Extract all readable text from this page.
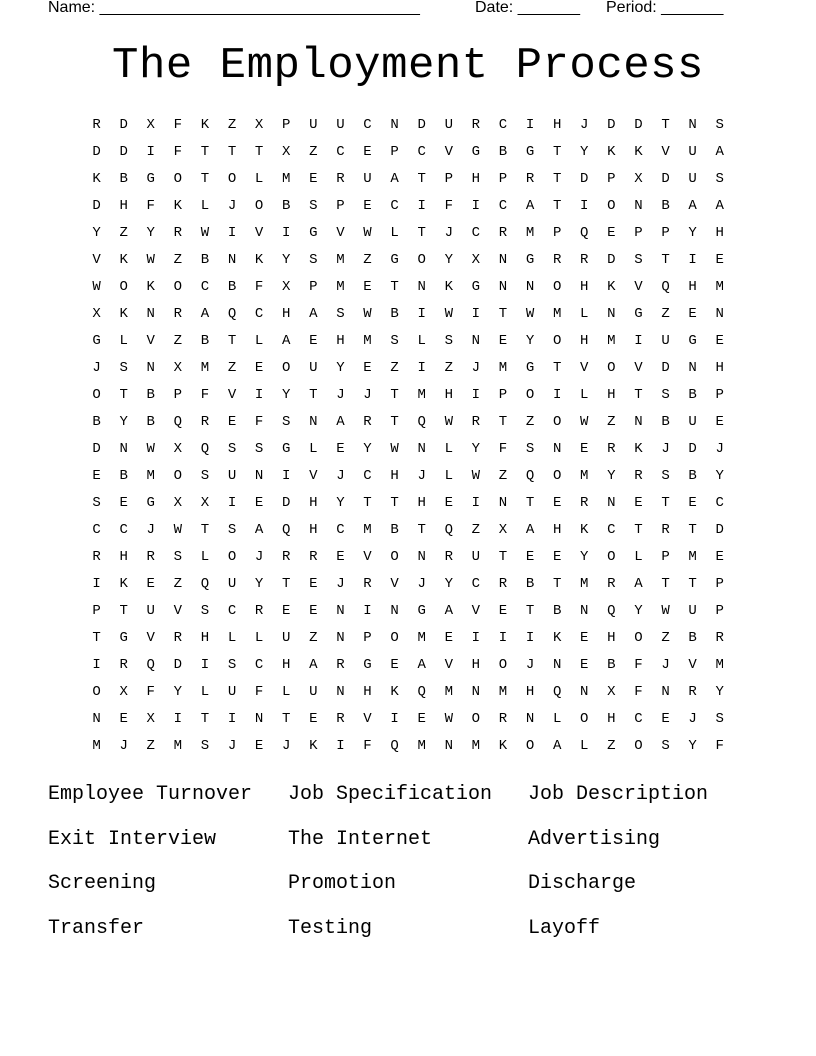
Name: ____________________________________	Date: _______ Period: _______
The Employment Process
R	D	X	F	K	Z	X	P	U	U	C	N	D	U	R	C	I	H	J	D	D	T	N	S
D	D	I	F	T	T	T	X	Z	C	E	P	C	V	G	B	G	T	Y	K	K	V	U	A
K	B	G	O	T	O	L	M	E	R	U	A	T	P	H	P	R	T	D	P	X	D	U	S
D	H	F	K	L	J	O	B	S	P	E	C	I	F	I	C	A	T	I	O	N	B	A	A
Y	Z	Y	R	W	I	V	I	G	V	W	L	T	J	C	R	M	P	Q	E	P	P	Y	H
V	K	W	Z	B	N	K	Y	S	M	Z	G	O	Y	X	N	G	R	R	D	S	T	I	E
W	O	K	O	C	B	F	X	P	M	E	T	N	K	G	N	N	O	H	K	V	Q	H	M
X	K	N	R	A	Q	C	H	A	S	W	B	I	W	I	T	W	M	L	N	G	Z	E	N
G	L	V	Z	B	T	L	A	E	H	M	S	L	S	N	E	Y	O	H	M	I	U	G	E
J	S	N	X	M	Z	E	O	U	Y	E	Z	I	Z	J	M	G	T	V	O	V	D	N	H
O	T	B	P	F	V	I	Y	T	J	J	T	M	H	I	P	O	I	L	H	T	S	B	P
B	Y	B	Q	R	E	F	S	N	A	R	T	Q	W	R	T	Z	O	W	Z	N	B	U	E
D	N	W	X	Q	S	S	G	L	E	Y	W	N	L	Y	F	S	N	E	R	K	J	D	J
E	B	M	O	S	U	N	I	V	J	C	H	J	L	W	Z	Q	O	M	Y	R	S	B	Y
S	E	G	X	X	I	E	D	H	Y	T	T	H	E	I	N	T	E	R	N	E	T	E	C
C	C	J	W	T	S	A	Q	H	C	M	B	T	Q	Z	X	A	H	K	C	T	R	T	D
R	H	R	S	L	O	J	R	R	E	V	O	N	R	U	T	E	E	Y	O	L	P	M	E
I	K	E	Z	Q	U	Y	T	E	J	R	V	J	Y	C	R	B	T	M	R	A	T	T	P
P	T	U	V	S	C	R	E	E	N	I	N	G	A	V	E	T	B	N	Q	Y	W	U	P
T	G	V	R	H	L	L	U	Z	N	P	O	M	E	I	I	I	K	E	H	O	Z	B	R
I	R	Q	D	I	S	C	H	A	R	G	E	A	V	H	O	J	N	E	B	F	J	V	M
O	X	F	Y	L	U	F	L	U	N	H	K	Q	M	N	M	H	Q	N	X	F	N	R	Y
N	E	X	I	T	I	N	T	E	R	V	I	E	W	O	R	N	L	O	H	C	E	J	S
M	J	Z	M	S	J	E	J	K	I	F	Q	M	N	M	K	O	A	L	Z	O	S	Y	F
Employee Turnover	Job Specification	Job Description
Exit Interview	The Internet	Advertising
Screening	Promotion	Discharge
Transfer	Testing	Layoff
